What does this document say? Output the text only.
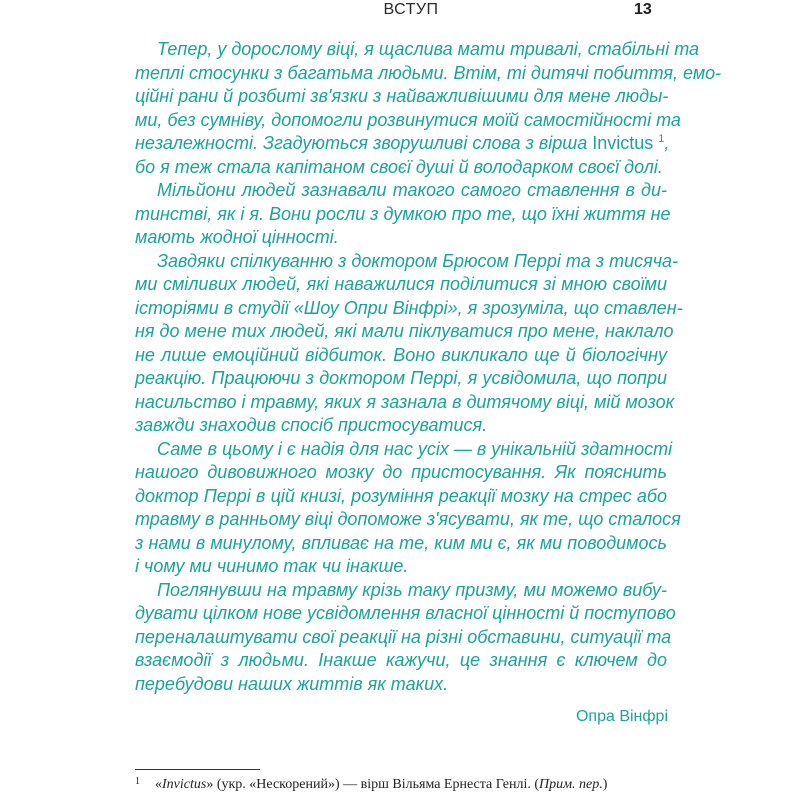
ВСТУП	13
Тепер, у дорослому віці, я щаслива мати тривалі, стабільні та
теплі стосунки з багатьма людьми. Втім, ті дитячі побиття, емо-
ційні рани й розбиті зв'язки з найважливішими для мене люды-
ми, без сумніву, допомогли розвинутися моїй самостійності та
незалежності. Згадуються зворушливі слова з вірша Invictus $^1$,
бо я теж стала капітаном своєї душі й володарком своєї долі.
Мільйони людей зазнавали такого самого ставлення в ди-
тинстві, як і я. Вони росли з думкою про те, що їхні життя не
мають жодної цінності.
Завдяки спілкуванню з доктором Брюсом Перрі та з тисяча-
ми сміливих людей, які наважилися поділитися зі мною своїми
історіями в студії «Шоу Опри Вінфрі», я зрозуміла, що ставлен-
ня до мене тих людей, які мали піклуватися про мене, наклало
не лише емоційний відбиток. Воно викликало ще й біологічну
реакцію. Працюючи з доктором Перрі, я усвідомила, що попри
насильство і травму, яких я зазнала в дитячому віці, мій мозок
завжди знаходив спосіб пристосуватися.
Саме в цьому і є надія для нас усіх — в унікальній здатності
нашого дивовижного мозку до пристосування. Як пояснить
доктор Перрі в цій книзі, розуміння реакції мозку на стрес або
травму в ранньому віці допоможе з'ясувати, як те, що сталося
з нами в минулому, впливає на те, ким ми є, як ми поводимось
і чому ми чинимо так чи інакше.
Поглянувши на травму крізь таку призму, ми можемо вибу-
дувати цілком нове усвідомлення власної цінності й поступово
переналаштувати свої реакції на різні обставини, ситуації та
взаємодії з людьми. Інакше кажучи, це знання є ключем до
перебудови наших життів як таких.
Опра Вінфрі
1 «Invictus» (укр. «Нескорений») — вірш Вільяма Ернеста Генлі. (Прим. пер.)
